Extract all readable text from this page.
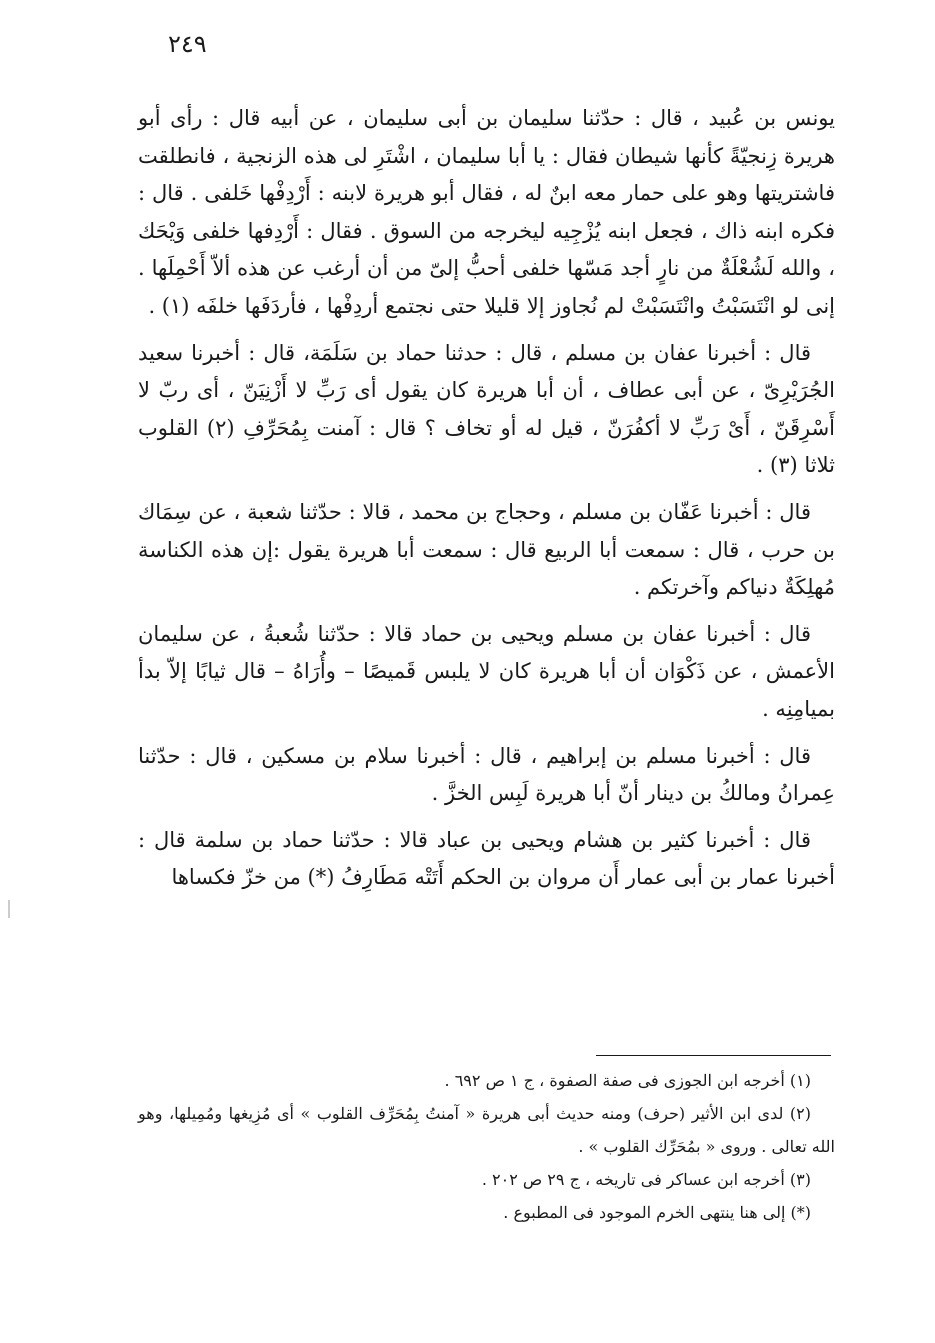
٢٤٩

يونس بن عُبيد ، قال : حدّثنا سليمان بن أبى سليمان ، عن أبيه قال : رأى أبو هريرة زِنجيّةً كأنها شيطان فقال : يا أبا سليمان ، اشْتَرِ لى هذه الزنجية ، فانطلقت فاشتريتها وهو على حمار معه ابنٌ له ، فقال أبو هريرة لابنه : أَرْدِفْها خَلفى . قال : فكره ابنه ذاك ، فجعل ابنه يُزْجِيه ليخرجه من السوق . فقال : أَرْدِفها خلفى وَيْحَك ، والله لَشُعْلَةٌ من نارٍ أجد مَسّها خلفى أحبُّ إلىّ من أن أرغب عن هذه ألاّ أَحْمِلَها . إنى لو انْتَسَبْتُ وانْتَسَبْتْ لم نُجاوز إلا قليلا حتى نجتمع أردِفْها ، فأردَفَها خلفَه (١) .

قال : أخبرنا عفان بن مسلم ، قال : حدثنا حماد بن سَلَمَة، قال : أخبرنا سعيد الجُرَيْرِىّ ، عن أبى عطاف ، أن أبا هريرة كان يقول أى رَبِّ لا أَزْنِيَنّ ، أى ربّ لا أَسْرِقَنّ ، أَىْ رَبِّ لا أكفُرَنّ ، قيل له أو تخاف ؟ قال : آمنت بِمُحَرِّفِ (٢) القلوب ثلاثا (٣) .

قال : أخبرنا عَفّان بن مسلم ، وحجاج بن محمد ، قالا : حدّثنا شعبة ، عن سِمَاك بن حرب ، قال : سمعت أبا الربيع قال : سمعت أبا هريرة يقول :إن هذه الكناسة مُهلِكَةٌ دنياكم وآخرتكم .

قال : أخبرنا عفان بن مسلم ويحيى بن حماد قالا : حدّثنا شُعبةُ ، عن سليمان الأعمش ، عن ذَكْوَان أن أبا هريرة كان لا يلبس قَميصًا – وأُرَاهُ – قال ثيابًا إلاّ بدأ بميامِنِه .

قال : أخبرنا مسلم بن إبراهيم ، قال : أخبرنا سلام بن مسكين ، قال : حدّثنا عِمرانُ ومالكُ بن دينار أنّ أبا هريرة لَبِس الخزَّ .

قال : أخبرنا كثير بن هشام ويحيى بن عباد قالا : حدّثنا حماد بن سلمة قال : أخبرنا عمار بن أبى عمار أَن مروان بن الحكم أَتَتْه مَطَارِفُ (*) من خزّ فكساها

(١) أخرجه ابن الجوزى فى صفة الصفوة ، ج ١ ص ٦٩٢ .

(٢) لدى ابن الأثير (حرف) ومنه حديث أبى هريرة « آمنتُ بِمُحَرِّف القلوب » أى مُزِيغها ومُمِيلها، وهو الله تعالى . وروى « بمُحَرِّك القلوب » .

(٣) أخرجه ابن عساكر فى تاريخه ، ج ٢٩ ص ٢٠٢ .

(*) إلى هنا ينتهى الخرم الموجود فى المطبوع .
